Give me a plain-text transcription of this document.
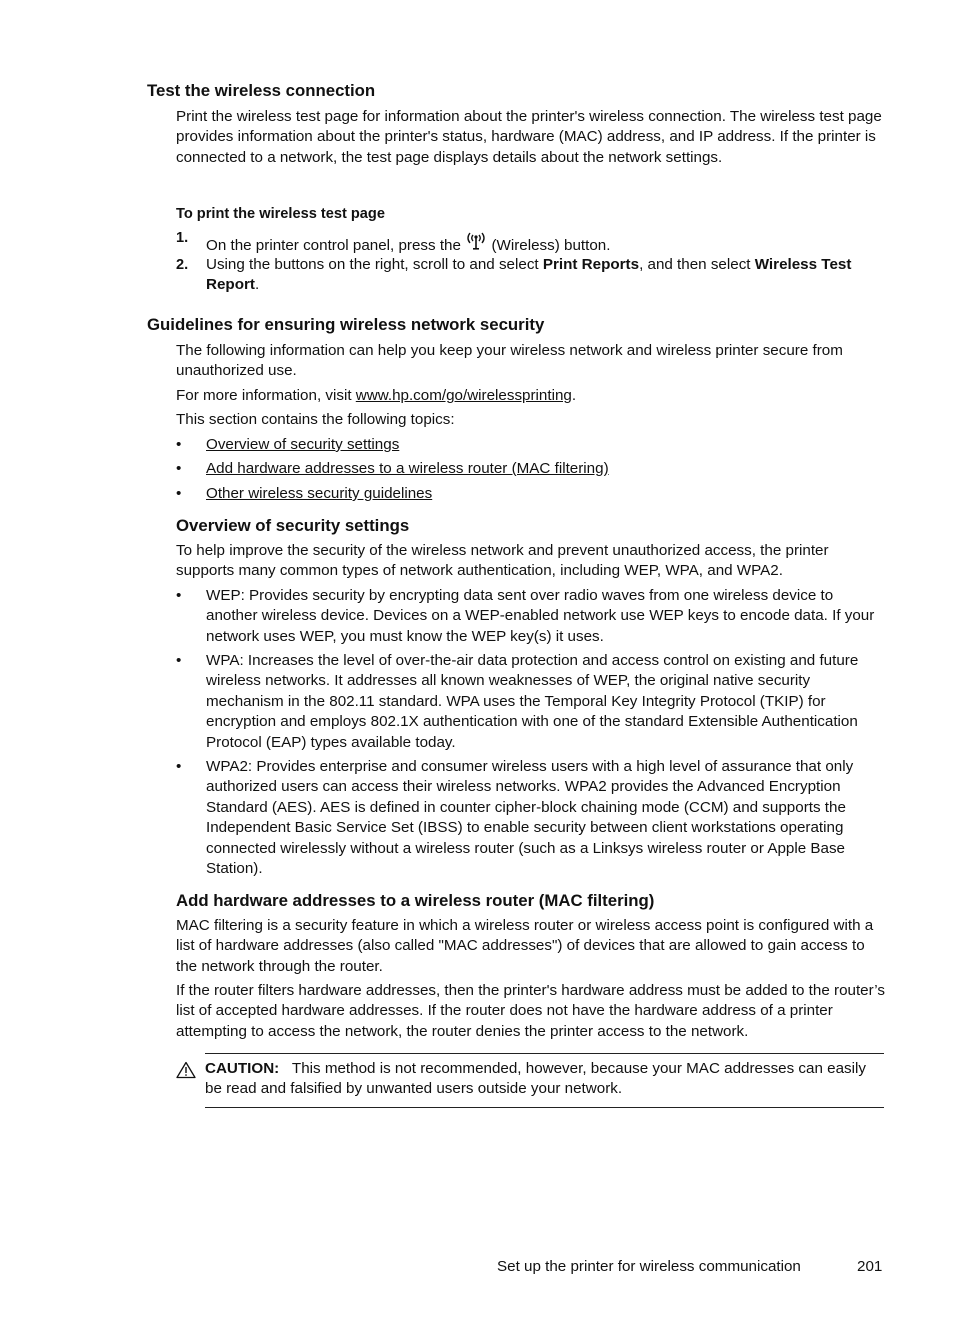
Test the wireless connection

Print the wireless test page for information about the printer's wireless connection. The wireless test page provides information about the printer's status, hardware (MAC) address, and IP address. If the printer is connected to a network, the test page displays details about the network settings.

To print the wireless test page
1. On the printer control panel, press the (Wireless) button.
2. Using the buttons on the right, scroll to and select Print Reports, and then select Wireless Test Report.
Guidelines for ensuring wireless network security

The following information can help you keep your wireless network and wireless printer secure from unauthorized use.

For more information, visit www.hp.com/go/wirelessprinting.

This section contains the following topics:

• Overview of security settings
• Add hardware addresses to a wireless router (MAC filtering)
• Other wireless security guidelines
Overview of security settings

To help improve the security of the wireless network and prevent unauthorized access, the printer supports many common types of network authentication, including WEP, WPA, and WPA2.

• WEP: Provides security by encrypting data sent over radio waves from one wireless device to another wireless device. Devices on a WEP-enabled network use WEP keys to encode data. If your network uses WEP, you must know the WEP key(s) it uses.

• WPA: Increases the level of over-the-air data protection and access control on existing and future wireless networks. It addresses all known weaknesses of WEP, the original native security mechanism in the 802.11 standard. WPA uses the Temporal Key Integrity Protocol (TKIP) for encryption and employs 802.1X authentication with one of the standard Extensible Authentication Protocol (EAP) types available today.

• WPA2: Provides enterprise and consumer wireless users with a high level of assurance that only authorized users can access their wireless networks. WPA2 provides the Advanced Encryption Standard (AES). AES is defined in counter cipher-block chaining mode (CCM) and supports the Independent Basic Service Set (IBSS) to enable security between client workstations operating connected wirelessly without a wireless router (such as a Linksys wireless router or Apple Base Station).

Add hardware addresses to a wireless router (MAC filtering)

MAC filtering is a security feature in which a wireless router or wireless access point is configured with a list of hardware addresses (also called "MAC addresses") of devices that are allowed to gain access to the network through the router.

If the router filters hardware addresses, then the printer's hardware address must be added to the router’s list of accepted hardware addresses. If the router does not have the hardware address of a printer attempting to access the network, the router denies the printer access to the network.

CAUTION: This method is not recommended, however, because your MAC addresses can easily be read and falsified by unwanted users outside your network.

Set up the printer for wireless communication	201
